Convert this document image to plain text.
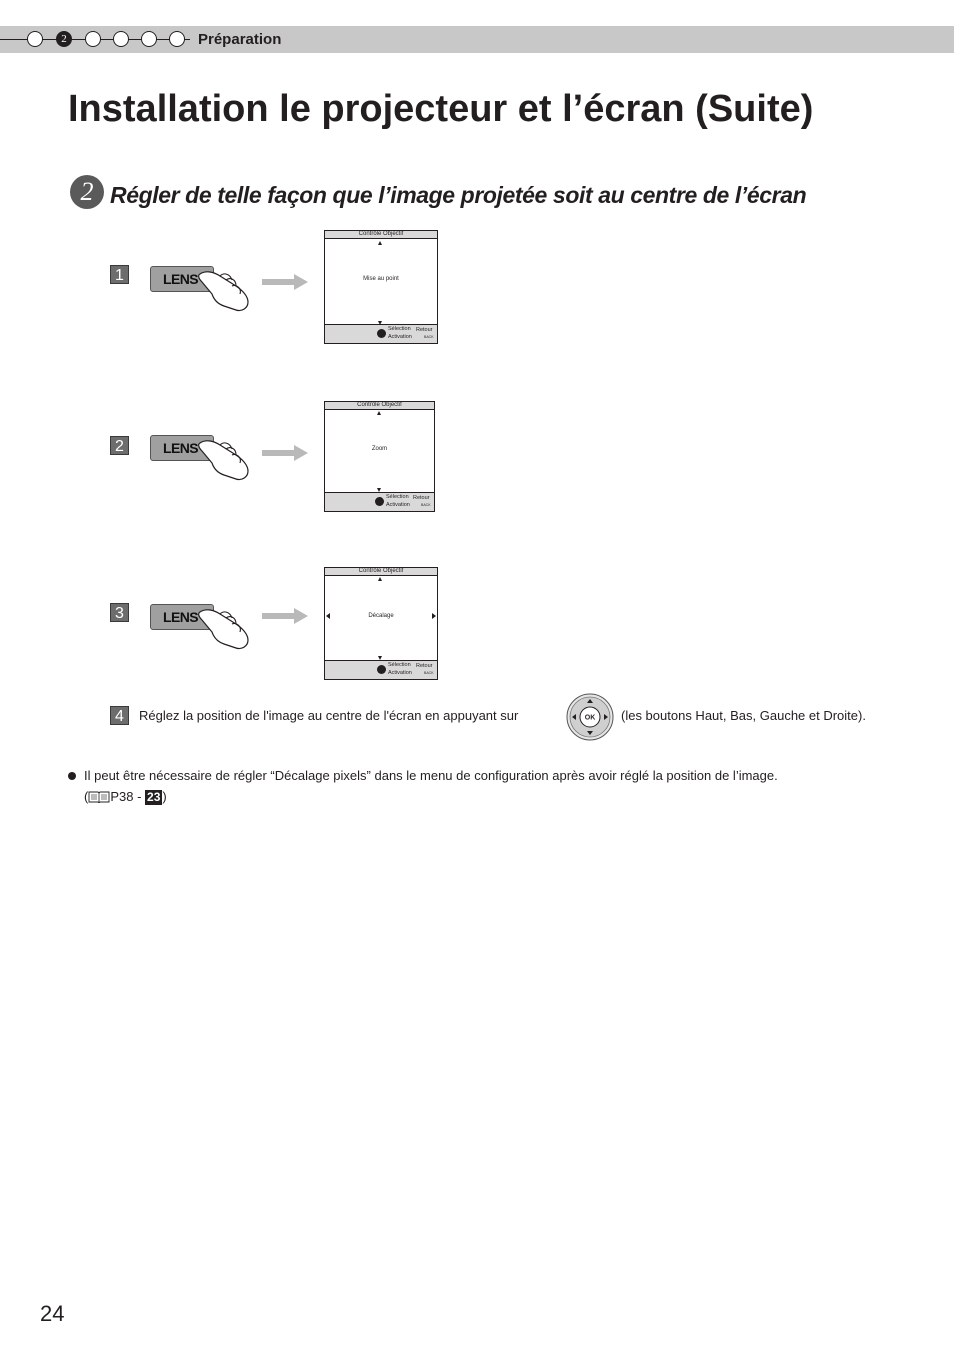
2	Préparation
Installation le projecteur et l’écran (Suite)
2 Régler de telle façon que l’image projetée soit au centre de l’écran
1	LENS
Contrôle Objectif
Mise au point
Sélection
Activation
Retour
BACK
2	LENS
Contrôle Objectif
Zoom
Sélection
Activation
Retour
BACK
3	LENS
Contrôle Objectif
Décalage
Sélection
Activation
Retour
BACK
4	Réglez la position de l'image au centre de l'écran en appuyant sur	OK (les boutons Haut, Bas, Gauche et Droite).
Il peut être nécessaire de régler “Décalage pixels” dans le menu de configuration après avoir réglé la position de l’image.
( P38 - 23 )
24
